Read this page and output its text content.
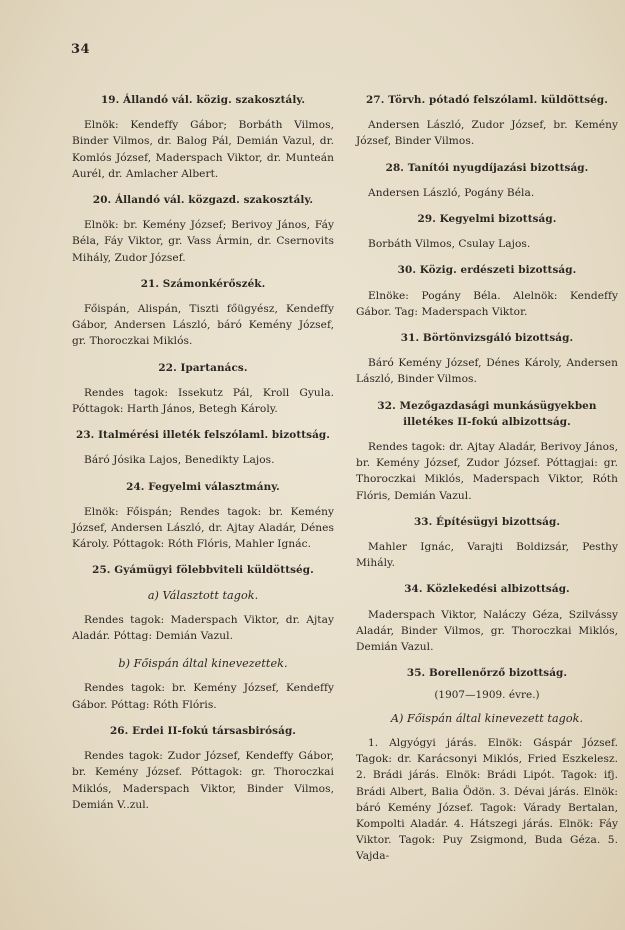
34
19. Állandó vál. közig. szakosztály.

Elnök: Kendeffy Gábor; Borbáth Vilmos, Binder Vilmos, dr. Balog Pál, Demián Vazul, dr. Komlós József, Maderspach Viktor, dr. Munteán Aurél, dr. Amlacher Albert.

20. Állandó vál. közgazd. szakosztály.

Elnök: br. Kemény József; Berivoy János, Fáy Béla, Fáy Viktor, gr. Vass Ármin, dr. Csernovits Mihály, Zudor József.

21. Számonkérőszék.

Főispán, Alispán, Tiszti főügyész, Kendeffy Gábor, Andersen László, báró Kemény József, gr. Thoroczkai Miklós.

22. Ipartanács.

Rendes tagok: Issekutz Pál, Kroll Gyula. Póttagok: Harth János, Betegh Károly.

23. Italmérési illeték felszólaml. bizottság.

Báró Jósika Lajos, Benedikty Lajos.

24. Fegyelmi választmány.

Elnök: Főispán; Rendes tagok: br. Kemény József, Andersen László, dr. Ajtay Aladár, Dénes Károly. Póttagok: Róth Flóris, Mahler Ignác.

25. Gyámügyi fölebbviteli küldöttség.
a) Választott tagok.

Rendes tagok: Maderspach Viktor, dr. Ajtay Aladár. Póttag: Demián Vazul.

b) Főispán által kinevezettek.

Rendes tagok: br. Kemény József, Kendeffy Gábor. Póttag: Róth Flóris.

26. Erdei II-fokú társasbiróság.

Rendes tagok: Zudor József, Kendeffy Gábor, br. Kemény József. Póttagok: gr. Thoroczkai Miklós, Maderspach Viktor, Binder Vilmos, Demián V..zul.

27. Törvh. pótadó felszólaml. küldöttség.

Andersen László, Zudor József, br. Kemény József, Binder Vilmos.

28. Tanítói nyugdíjazási bizottság.

Andersen László, Pogány Béla.

29. Kegyelmi bizottság.

Borbáth Vilmos, Csulay Lajos.

30. Közig. erdészeti bizottság.

Elnöke: Pogány Béla. Alelnök: Kendeffy Gábor. Tag: Maderspach Viktor.

31. Börtönvizsgáló bizottság.

Báró Kemény József, Dénes Károly, Andersen László, Binder Vilmos.

32. Mezőgazdasági munkásügyekben illetékes II-fokú albizottság.

Rendes tagok: dr. Ajtay Aladár, Berivoy János, br. Kemény József, Zudor József. Póttagjai: gr. Thoroczkai Miklós, Maderspach Viktor, Róth Flóris, Demián Vazul.

33. Építésügyi bizottság.

Mahler Ignác, Varajti Boldizsár, Pesthy Mihály.

34. Közlekedési albizottság.

Maderspach Viktor, Naláczy Géza, Szilvássy Aladár, Binder Vilmos, gr. Thoroczkai Miklós, Demián Vazul.

35. Borellenőrző bizottság.
(1907—1909. évre.)
A) Főispán által kinevezett tagok.

1. Algyógyi járás. Elnök: Gáspár József. Tagok: dr. Karácsonyi Miklós, Fried Eszkelesz. 2. Brádi járás. Elnök: Brádi Lipót. Tagok: ifj. Brádi Albert, Balia Ödön. 3. Dévai járás. Elnök: báró Kemény József. Tagok: Várady Bertalan, Kompolti Aladár. 4. Hátszegi járás. Elnök: Fáy Viktor. Tagok: Puy Zsigmond, Buda Géza. 5. Vajda-
